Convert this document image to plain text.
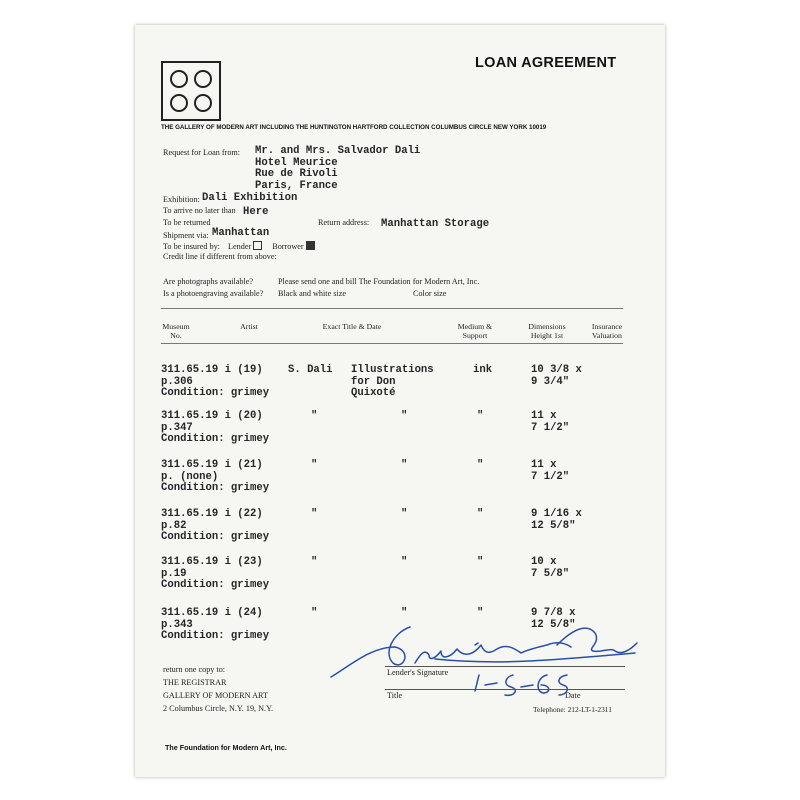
LOAN AGREEMENT
THE GALLERY OF MODERN ART INCLUDING THE HUNTINGTON HARTFORD COLLECTION COLUMBUS CIRCLE NEW YORK 10019
Request for Loan from: Mr. and Mrs. Salvador Dali
Hotel Meurice
Rue de Rivoli
Paris, France
Exhibition: Dali Exhibition
To arrive no later than Here
To be returned	Return address: Manhattan Storage
Shipment via: Manhattan
To be insured by: Lender	Borrower
Credit line if different from above:
Are photographs available?
Is a photoengraving available?
Please send one and bill The Foundation for Modern Art, Inc.
Black and white size	Color size
Museum
No.
Artist	Exact Title & Date	Medium &
Support
Dimensions
Height 1st
Insurance
Valuation
311.65.19 i (19)
p.306
Condition: grimey
S. Dali Illustrations
for Don
Quixoté
ink	10 3/8 x
9 3/4"
311.65.19 i (20)
p.347
Condition: grimey
"	"	"	11 x
7 1/2"
311.65.19 i (21)
p. (none)
Condition: grimey
"	"	"	11 x
7 1/2"
311.65.19 i (22)
p.82
Condition: grimey
"	"	"	9 1/16 x
12 5/8"
311.65.19 i (23)
p.19
Condition: grimey
"	"	"	10 x
7 5/8"
311.65.19 i (24)
p.343
Condition: grimey
"	"	"	9 7/8 x
12 5/8"
return one copy to:
THE REGISTRAR
GALLERY OF MODERN ART
2 Columbus Circle, N.Y. 19, N.Y.
Lender's Signature
Title	Date
Telephone: 212-LT-1-2311
The Foundation for Modern Art, Inc.
